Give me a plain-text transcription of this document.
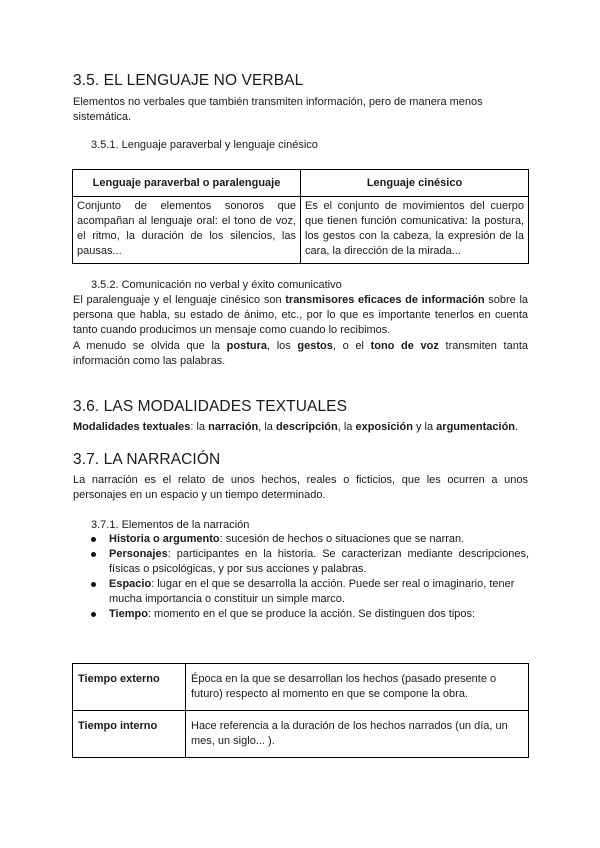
3.5. EL LENGUAJE NO VERBAL

Elementos no verbales que también transmiten información, pero de manera menos sistemática.

3.5.1. Lenguaje paraverbal y lenguaje cinésico
Lenguaje paraverbal o paralenguaje	Lenguaje cinésico
Conjunto de elementos sonoros que acompañan al lenguaje oral: el tono de voz, el ritmo, la duración de los silencios, las pausas...	Es el conjunto de movimientos del cuerpo que tienen función comunicativa: la postura, los gestos con la cabeza, la expresión de la cara, la dirección de la mirada...
3.5.2. Comunicación no verbal y éxito comunicativo

El paralenguaje y el lenguaje cinésico son transmisores eficaces de información sobre la persona que habla, su estado de ánimo, etc., por lo que es importante tenerlos en cuenta tanto cuando producimos un mensaje como cuando lo recibimos.

A menudo se olvida que la postura, los gestos, o el tono de voz transmiten tanta información como las palabras.

3.6. LAS MODALIDADES TEXTUALES

Modalidades textuales: la narración, la descripción, la exposición y la argumentación.

3.7. LA NARRACIÓN

La narración es el relato de unos hechos, reales o ficticios, que les ocurren a unos personajes en un espacio y un tiempo determinado.

3.7.1. Elementos de la narración
Historia o argumento: sucesión de hechos o situaciones que se narran.
Personajes: participantes en la historia. Se caracterizan mediante descripciones, físicas o psicológicas, y por sus acciones y palabras.
Espacio: lugar en el que se desarrolla la acción. Puede ser real o imaginario, tener mucha importancia o constituir un simple marco.
Tiempo: momento en el que se produce la acción. Se distinguen dos tipos:
Tiempo externo	Época en la que se desarrollan los hechos (pasado presente o futuro) respecto al momento en que se compone la obra.
Tiempo interno	Hace referencia a la duración de los hechos narrados (un día, un mes, un siglo... ).
